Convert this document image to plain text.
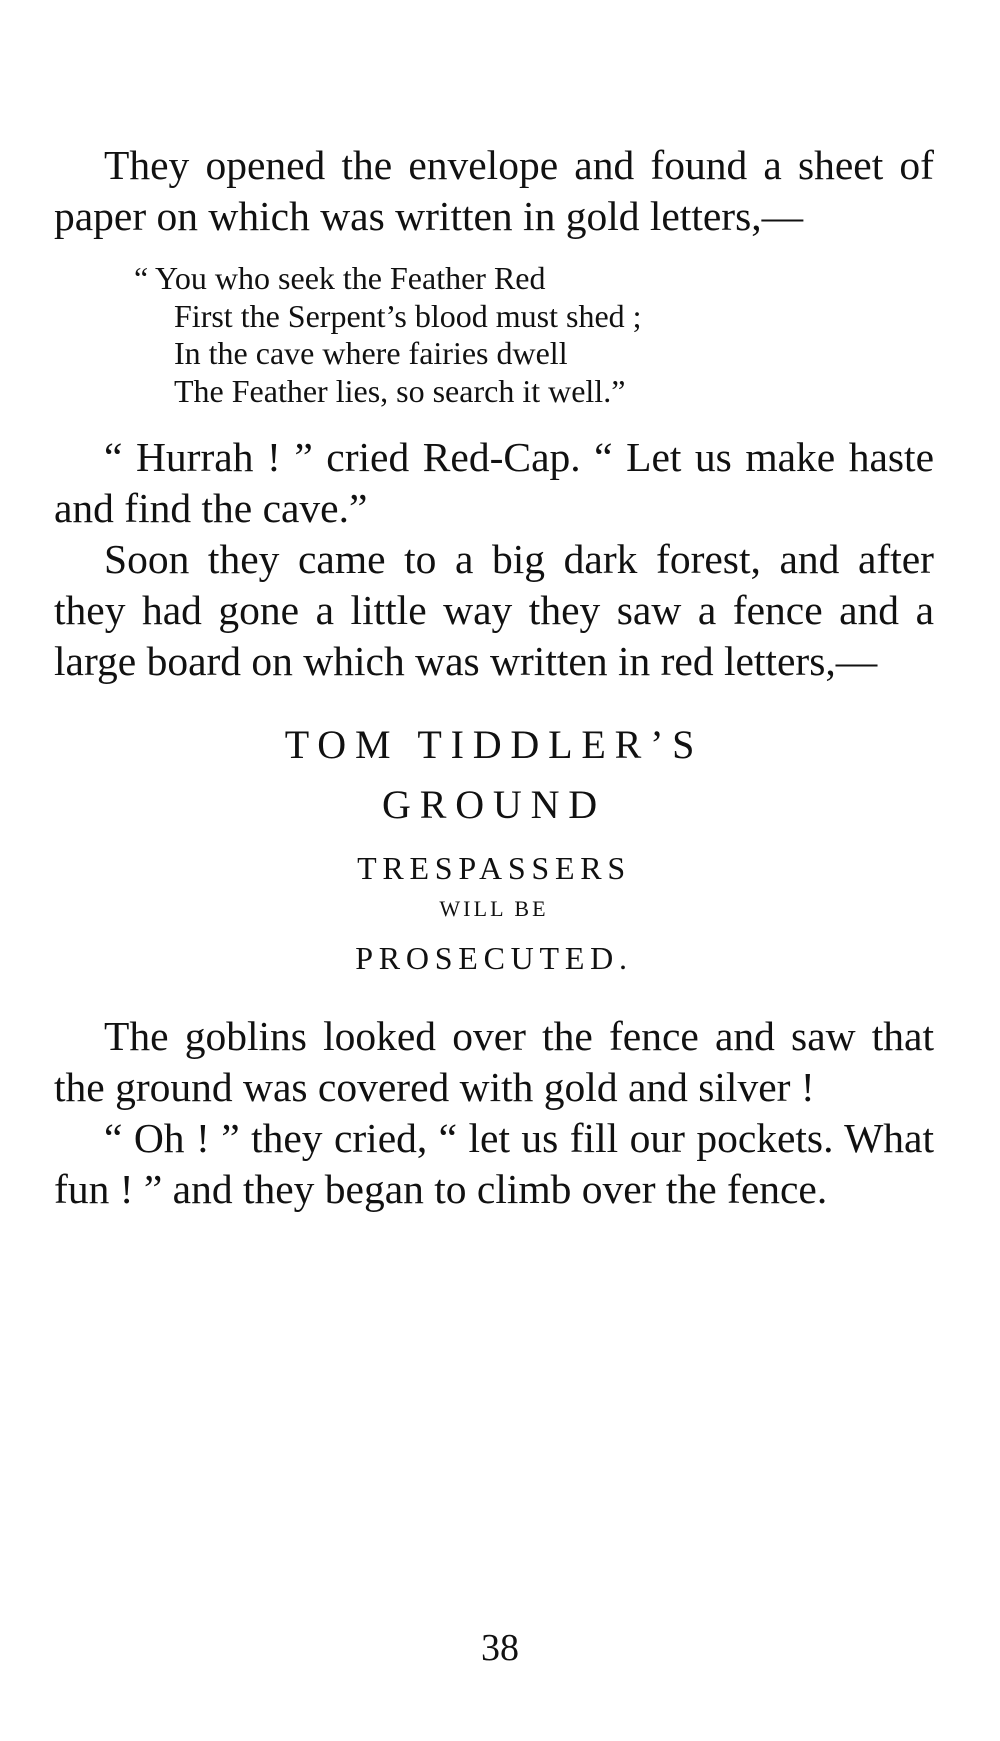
They opened the envelope and found a sheet of paper on which was written in gold letters,—

“ You who seek the Feather Red
First the Serpent’s blood must shed ;
In the cave where fairies dwell
The Feather lies, so search it well.”

“ Hurrah ! ” cried Red-Cap. “ Let us make haste and find the cave.”

Soon they came to a big dark forest, and after they had gone a little way they saw a fence and a large board on which was written in red letters,—

TOM TIDDLER’S
GROUND
TRESPASSERS
WILL BE
PROSECUTED.

The goblins looked over the fence and saw that the ground was covered with gold and silver !

“ Oh ! ” they cried, “ let us fill our pockets. What fun ! ” and they began to climb over the fence.

38
